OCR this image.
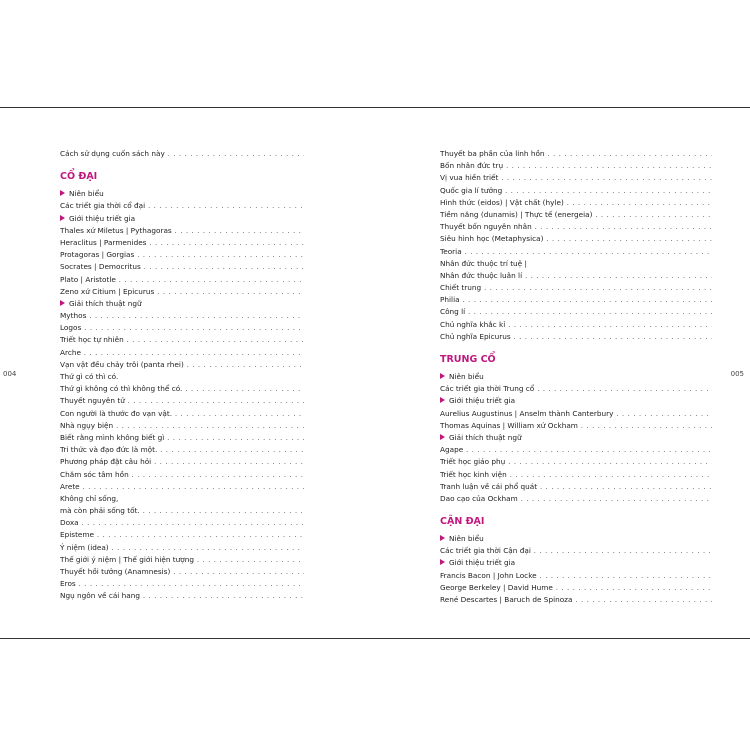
004	005
Cách sử dụng cuốn sách này . . .
CỔ ĐẠI
Niên biểu
Các triết gia thời cổ đại . . .
Giới thiệu triết gia
Thales xứ Miletus | Pythagoras . . .
Heraclitus | Parmenides . . .
Protagoras | Gorgias . . .
Socrates | Democritus . . .
Plato | Aristotle . . .
Zeno xứ Citium | Epicurus . . .
Giải thích thuật ngữ
Mythos . . .
Logos . . .
Triết học tự nhiên . . .
Arche . . .
Vạn vật đều chảy trôi (panta rhei) . . .
Thứ gì có thì có.
Thứ gì không có thì không thể có. . . .
Thuyết nguyên tử . . .
Con người là thước đo vạn vật. . . .
Nhà ngụy biện . . .
Biết rằng mình không biết gì . . .
Tri thức và đạo đức là một. . . .
Phương pháp đặt câu hỏi . . .
Chăm sóc tâm hồn . . .
Arete . . .
Không chỉ sống,
mà còn phải sống tốt. . . .
Doxa . . .
Episteme . . .
Ý niệm (idea) . . .
Thế giới ý niệm | Thế giới hiện tượng . . .
Thuyết hồi tưởng (Anamnesis) . . .
Eros . . .
Ngụ ngôn về cái hang . . .
Thuyết ba phần của linh hồn . . .
Bốn nhân đức trụ . . .
Vị vua hiền triết . . .
Quốc gia lí tưởng . . .
Hình thức (eidos) | Vật chất (hyle) . . .
Tiềm năng (dunamis) | Thực tế (energeia) . . .
Thuyết bốn nguyên nhân . . .
Siêu hình học (Metaphysica) . . .
Teoria . . .
Nhân đức thuộc trí tuệ |
Nhân đức thuộc luân lí . . .
Chiết trung . . .
Philia . . .
Công lí . . .
Chủ nghĩa khắc kỉ . . .
Chủ nghĩa Epicurus . . .
TRUNG CỔ
Niên biểu
Các triết gia thời Trung cổ . . .
Giới thiệu triết gia
Aurelius Augustinus | Anselm thành Canterbury . . .
Thomas Aquinas | William xứ Ockham . . .
Giải thích thuật ngữ
Agape . . .
Triết học giáo phụ . . .
Triết học kinh viện . . .
Tranh luận về cái phổ quát . . .
Dao cạo của Ockham . . .
CẬN ĐẠI
Niên biểu
Các triết gia thời Cận đại . . .
Giới thiệu triết gia
Francis Bacon | John Locke . . .
George Berkeley | David Hume . . .
René Descartes | Baruch de Spinoza . . .
